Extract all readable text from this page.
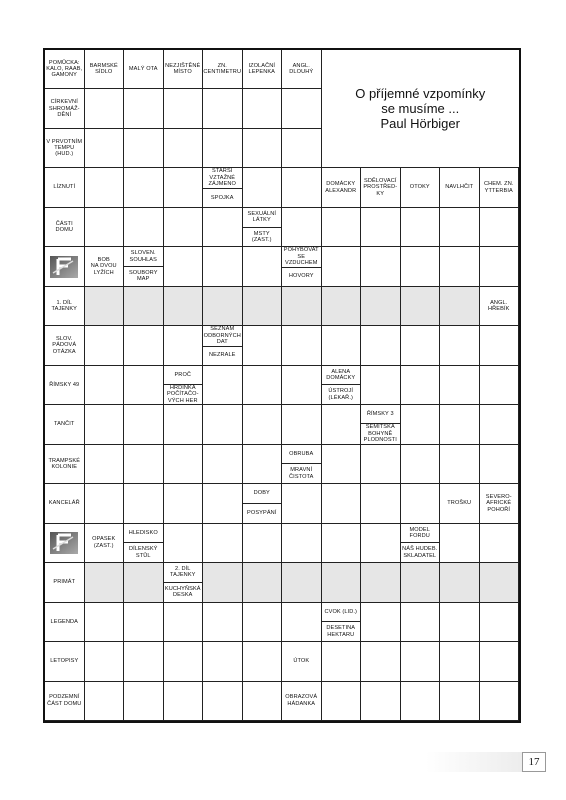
POMŮCKA:
KALO, RAAB,
GAMONY
BARMSKÉ
SÍDLO
MALÝ OTA
NEZJIŠTĚNÉ
MÍSTO
ZN.
CENTIMETRU
IZOLAČNÍ
LEPENKA
ANGL.
DLOUHÝ
CÍRKEVNÍ
SHROMÁŽ-
DĚNÍ
V PRVOTNÍM
TEMPU
(HUD.)
LÍZNUTÍ
STARŠÍ
VZTAŽNÉ
ZÁJMENO
SPOJKA
DOMÁCKY
ALEXANDR
SDĚLOVACÍ
PROSTŘED-
KY
OTOKY	NAVLHČIT
CHEM. ZN.
YTTERBIA
ČÁSTI
DOMU
SEXUÁLNÍ
LÁTKY
MSTY (ZAST.)
BOB
NA DVOU
LYŽÍCH
SLOVEN.
SOUHLAS
SOUBORY
MAP
POHYBOVAT
SE
VZDUCHEM
HOVORY
1. DÍL
TAJENKY
ANGL.
HŘEBÍK
SLOV.
PÁDOVÁ
OTÁZKA
SEZNAM
ODBORNÝCH
DAT
NEZRALE
ŘÍMSKY 49
PROČ
HRDINKA
POČÍTAČO-
VÝCH HER
ALENA
DOMÁCKY
ÚSTROJÍ
(LÉKAŘ.)
TANČIT
ŘÍMSKY 3
SEMITSKÁ
BOHYNĚ
PLODNOSTI
TRAMPSKÉ
KOLONIE
OBRUBA
MRAVNÍ
ČISTOTA
KANCELÁŘ
DOBY
POSYPÁNÍ
TROŠKU
SEVERO-
AFRICKÉ
POHOŘÍ
OPASEK
(ZAST.)
HLEDISKO
DÍLENSKÝ
STŮL
MODEL
FORDU
NÁŠ HUDEB.
SKLADATEL
PRIMÁT
2. DÍL
TAJENKY
KUCHYŇSKÁ
DESKA
LEGENDA
CVOK (LID.)
DESETINA
HEKTARU
LETOPISY	ÚTOK
PODZEMNÍ
ČÁST DOMU
OBRAZOVÁ
HÁDANKA
O příjemné vzpomínky
se musíme ...
Paul Hörbiger
17
